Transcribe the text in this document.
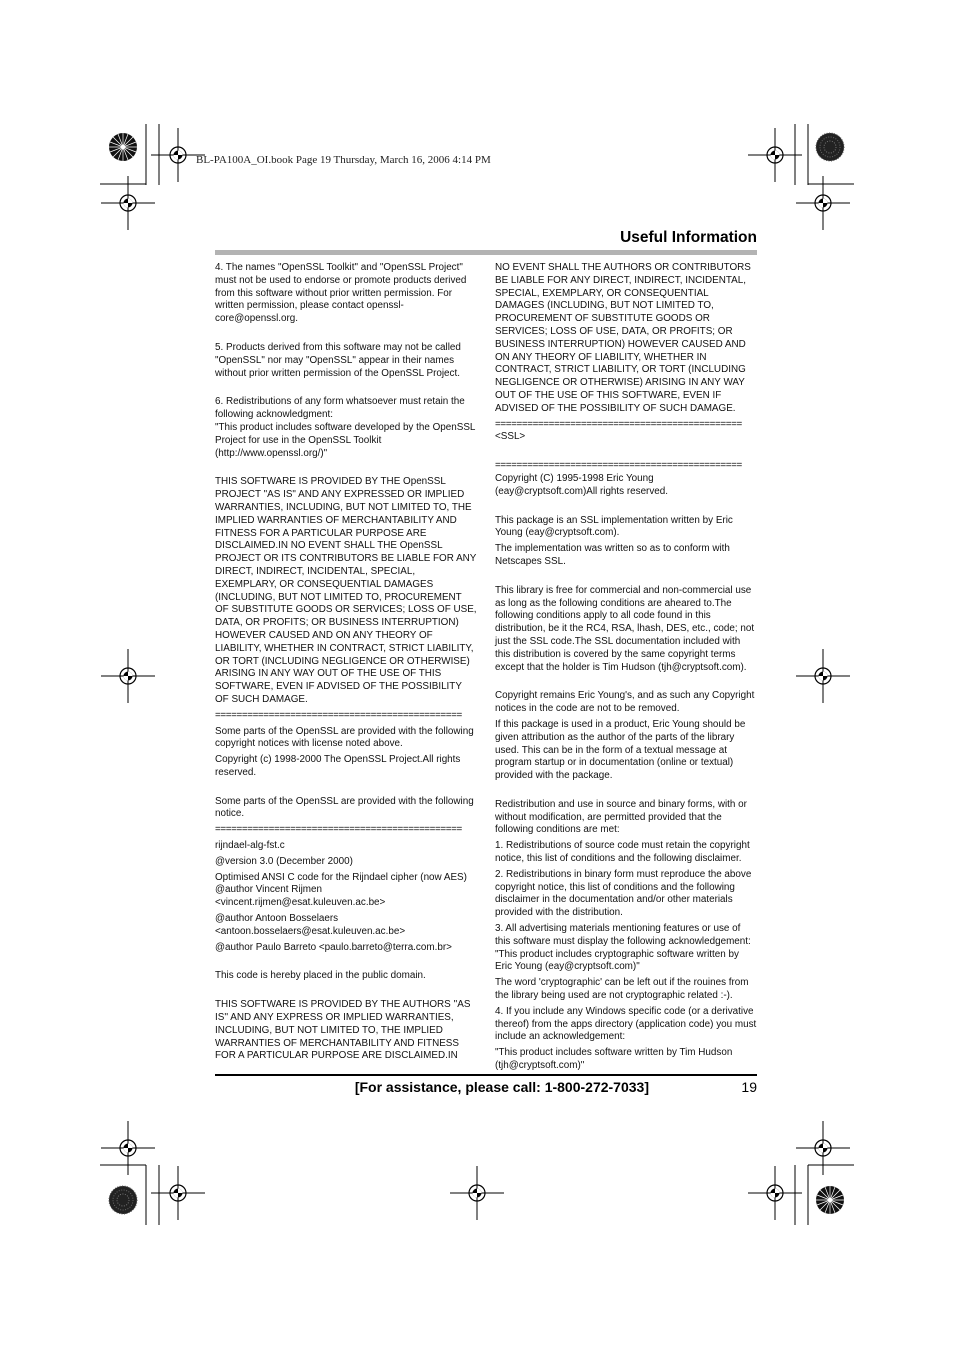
BL-PA100A_OI.book Page 19 Thursday, March 16, 2006 4:14 PM
Useful Information

4. The names "OpenSSL Toolkit" and "OpenSSL Project" must not be used to endorse or promote products derived from this software without prior written permission. For written permission, please contact openssl-core@openssl.org.

5. Products derived from this software may not be called "OpenSSL" nor may "OpenSSL" appear in their names without prior written permission of the OpenSSL Project.

6. Redistributions of any form whatsoever must retain the following acknowledgment:

"This product includes software developed by the OpenSSL Project for use in the OpenSSL Toolkit (http://www.openssl.org/)"

THIS SOFTWARE IS PROVIDED BY THE OpenSSL PROJECT "AS IS" AND ANY EXPRESSED OR IMPLIED WARRANTIES, INCLUDING, BUT NOT LIMITED TO, THE IMPLIED WARRANTIES OF MERCHANTABILITY AND FITNESS FOR A PARTICULAR PURPOSE ARE DISCLAIMED.IN NO EVENT SHALL THE OpenSSL PROJECT OR ITS CONTRIBUTORS BE LIABLE FOR ANY DIRECT, INDIRECT, INCIDENTAL, SPECIAL, EXEMPLARY, OR CONSEQUENTIAL DAMAGES (INCLUDING, BUT NOT LIMITED TO, PROCUREMENT OF SUBSTITUTE GOODS OR SERVICES; LOSS OF USE, DATA, OR PROFITS; OR BUSINESS INTERRUPTION) HOWEVER CAUSED AND ON ANY THEORY OF LIABILITY, WHETHER IN CONTRACT, STRICT LIABILITY, OR TORT (INCLUDING NEGLIGENCE OR OTHERWISE) ARISING IN ANY WAY OUT OF THE USE OF THIS SOFTWARE, EVEN IF ADVISED OF THE POSSIBILITY OF SUCH DAMAGE.

==============================================

Some parts of the OpenSSL are provided with the following copyright notices with license noted above.

Copyright (c) 1998-2000 The OpenSSL Project.All rights reserved.

Some parts of the OpenSSL are provided with the following notice.

==============================================

rijndael-alg-fst.c

@version 3.0 (December 2000)

Optimised ANSI C code for the Rijndael cipher (now AES)

@author Vincent Rijmen <vincent.rijmen@esat.kuleuven.ac.be>

@author Antoon Bosselaers <antoon.bosselaers@esat.kuleuven.ac.be>

@author Paulo Barreto <paulo.barreto@terra.com.br>

This code is hereby placed in the public domain.

THIS SOFTWARE IS PROVIDED BY THE AUTHORS ''AS IS'' AND ANY EXPRESS OR IMPLIED WARRANTIES, INCLUDING, BUT NOT LIMITED TO, THE IMPLIED WARRANTIES OF MERCHANTABILITY AND FITNESS FOR A PARTICULAR PURPOSE ARE DISCLAIMED.IN

NO EVENT SHALL THE AUTHORS OR CONTRIBUTORS BE LIABLE FOR ANY DIRECT, INDIRECT, INCIDENTAL, SPECIAL, EXEMPLARY, OR CONSEQUENTIAL DAMAGES (INCLUDING, BUT NOT LIMITED TO, PROCUREMENT OF SUBSTITUTE GOODS OR SERVICES; LOSS OF USE, DATA, OR PROFITS; OR BUSINESS INTERRUPTION) HOWEVER CAUSED AND ON ANY THEORY OF LIABILITY, WHETHER IN CONTRACT, STRICT LIABILITY, OR TORT (INCLUDING NEGLIGENCE OR OTHERWISE) ARISING IN ANY WAY OUT OF THE USE OF THIS SOFTWARE, EVEN IF ADVISED OF THE POSSIBILITY OF SUCH DAMAGE.

==============================================

<SSL>

==============================================

Copyright (C) 1995-1998 Eric Young (eay@cryptsoft.com)All rights reserved.

This package is an SSL implementation written by Eric Young (eay@cryptsoft.com).

The implementation was written so as to conform with Netscapes SSL.

This library is free for commercial and non-commercial use as long as the following conditions are aheared to.The following conditions apply to all code found in this distribution, be it the RC4, RSA, lhash, DES, etc., code; not just the SSL code.The SSL documentation included with this distribution is covered by the same copyright terms except that the holder is Tim Hudson (tjh@cryptsoft.com).

Copyright remains Eric Young's, and as such any Copyright notices in the code are not to be removed.

If this package is used in a product, Eric Young should be given attribution as the author of the parts of the library used. This can be in the form of a textual message at program startup or in documentation (online or textual) provided with the package.

Redistribution and use in source and binary forms, with or without modification, are permitted provided that the following conditions are met:

1. Redistributions of source code must retain the copyright notice, this list of conditions and the following disclaimer.

2. Redistributions in binary form must reproduce the above copyright notice, this list of conditions and the following disclaimer in the documentation and/or other materials provided with the distribution.

3. All advertising materials mentioning features or use of this software must display the following acknowledgement:

"This product includes cryptographic software written by Eric Young (eay@cryptsoft.com)"

The word 'cryptographic' can be left out if the rouines from the library being used are not cryptographic related :-).

4. If you include any Windows specific code (or a derivative thereof) from the apps directory (application code) you must include an acknowledgement:

"This product includes software written by Tim Hudson (tjh@cryptsoft.com)"

[For assistance, please call: 1-800-272-7033]	19
